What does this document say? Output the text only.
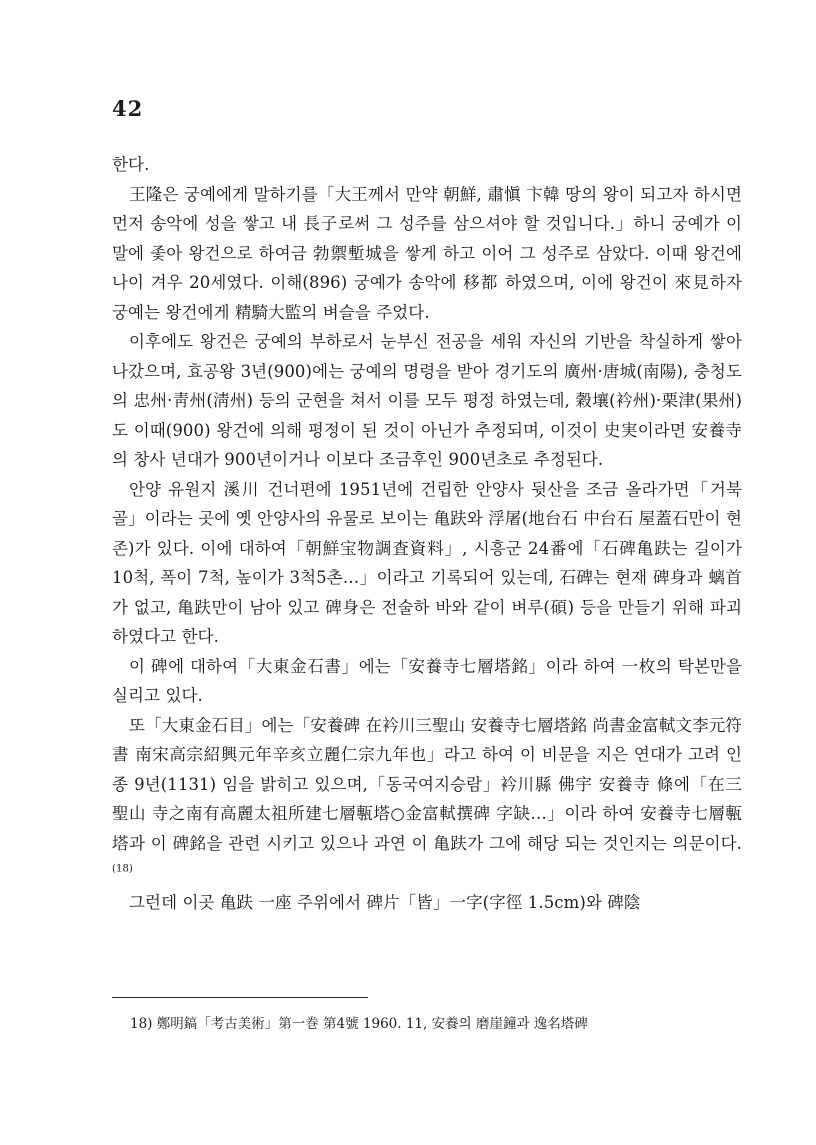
42

한다.

王隆은 궁예에게 말하기를「大王께서 만약 朝鮮, 肅愼 卞韓 땅의 왕이 되고자 하시면 먼저 송악에 성을 쌓고 내 長子로써 그 성주를 삼으셔야 할 것입니다.」하니 궁예가 이 말에 좇아 왕건으로 하여금 勃禦塹城을 쌓게 하고 이어 그 성주로 삼았다. 이때 왕건에 나이 겨우 20세였다. 이해(896) 궁예가 송악에 移都 하였으며, 이에 왕건이 來見하자 궁예는 왕건에게 精騎大監의 벼슬을 주었다.

이후에도 왕건은 궁예의 부하로서 눈부신 전공을 세워 자신의 기반을 착실하게 쌓아 나갔으며, 효공왕 3년(900)에는 궁예의 명령을 받아 경기도의 廣州·唐城(南陽), 충청도의 忠州·靑州(淸州) 등의 군현을 쳐서 이를 모두 평정 하였는데, 穀壤(衿州)·栗津(果州)도 이때(900) 왕건에 의해 평정이 된 것이 아닌가 추정되며, 이것이 史実이라면 安養寺의 창사 년대가 900년이거나 이보다 조금후인 900년초로 추정된다.

안양 유원지 溪川 건너편에 1951년에 건립한 안양사 뒷산을 조금 올라가면「거북골」이라는 곳에 옛 안양사의 유물로 보이는 亀趺와 浮屠(地台石 中台石 屋蓋石만이 현존)가 있다. 이에 대하여「朝鮮宝物調査資料」, 시흥군 24番에「石碑亀趺는 길이가 10척, 폭이 7척, 높이가 3척5촌…」이라고 기록되어 있는데, 石碑는 현재 碑身과 螭首가 없고, 亀趺만이 남아 있고 碑身은 전술하 바와 같이 벼루(碩) 등을 만들기 위해 파괴하였다고 한다.

이 碑에 대하여「大東金石書」에는「安養寺七層塔銘」이라 하여 一枚의 탁본만을 실리고 있다.

또「大東金石目」에는「安養碑 在衿川三聖山 安養寺七層塔銘 尚書金富軾文李元符書 南宋高宗紹興元年辛亥立麗仁宗九年也」라고 하여 이 비문을 지은 연대가 고려 인종 9년(1131) 임을 밝히고 있으며,「동국여지승람」衿川縣 佛宇 安養寺 條에「在三聖山 寺之南有高麗太祖所建七層甎塔○金富軾撰碑 字缺…」이라 하여 安養寺七層甎塔과 이 碑銘을 관련 시키고 있으나 과연 이 亀趺가 그에 해당 되는 것인지는 의문이다.$^{(18)}$

그런데 이곳 亀趺 一座 주위에서 碑片「皆」一字(字徑 1.5cm)와 碑陰

18) 鄭明鎬「考古美術」第一巻 第4號 1960. 11, 安養의 磨崖鐘과 逸名塔碑
